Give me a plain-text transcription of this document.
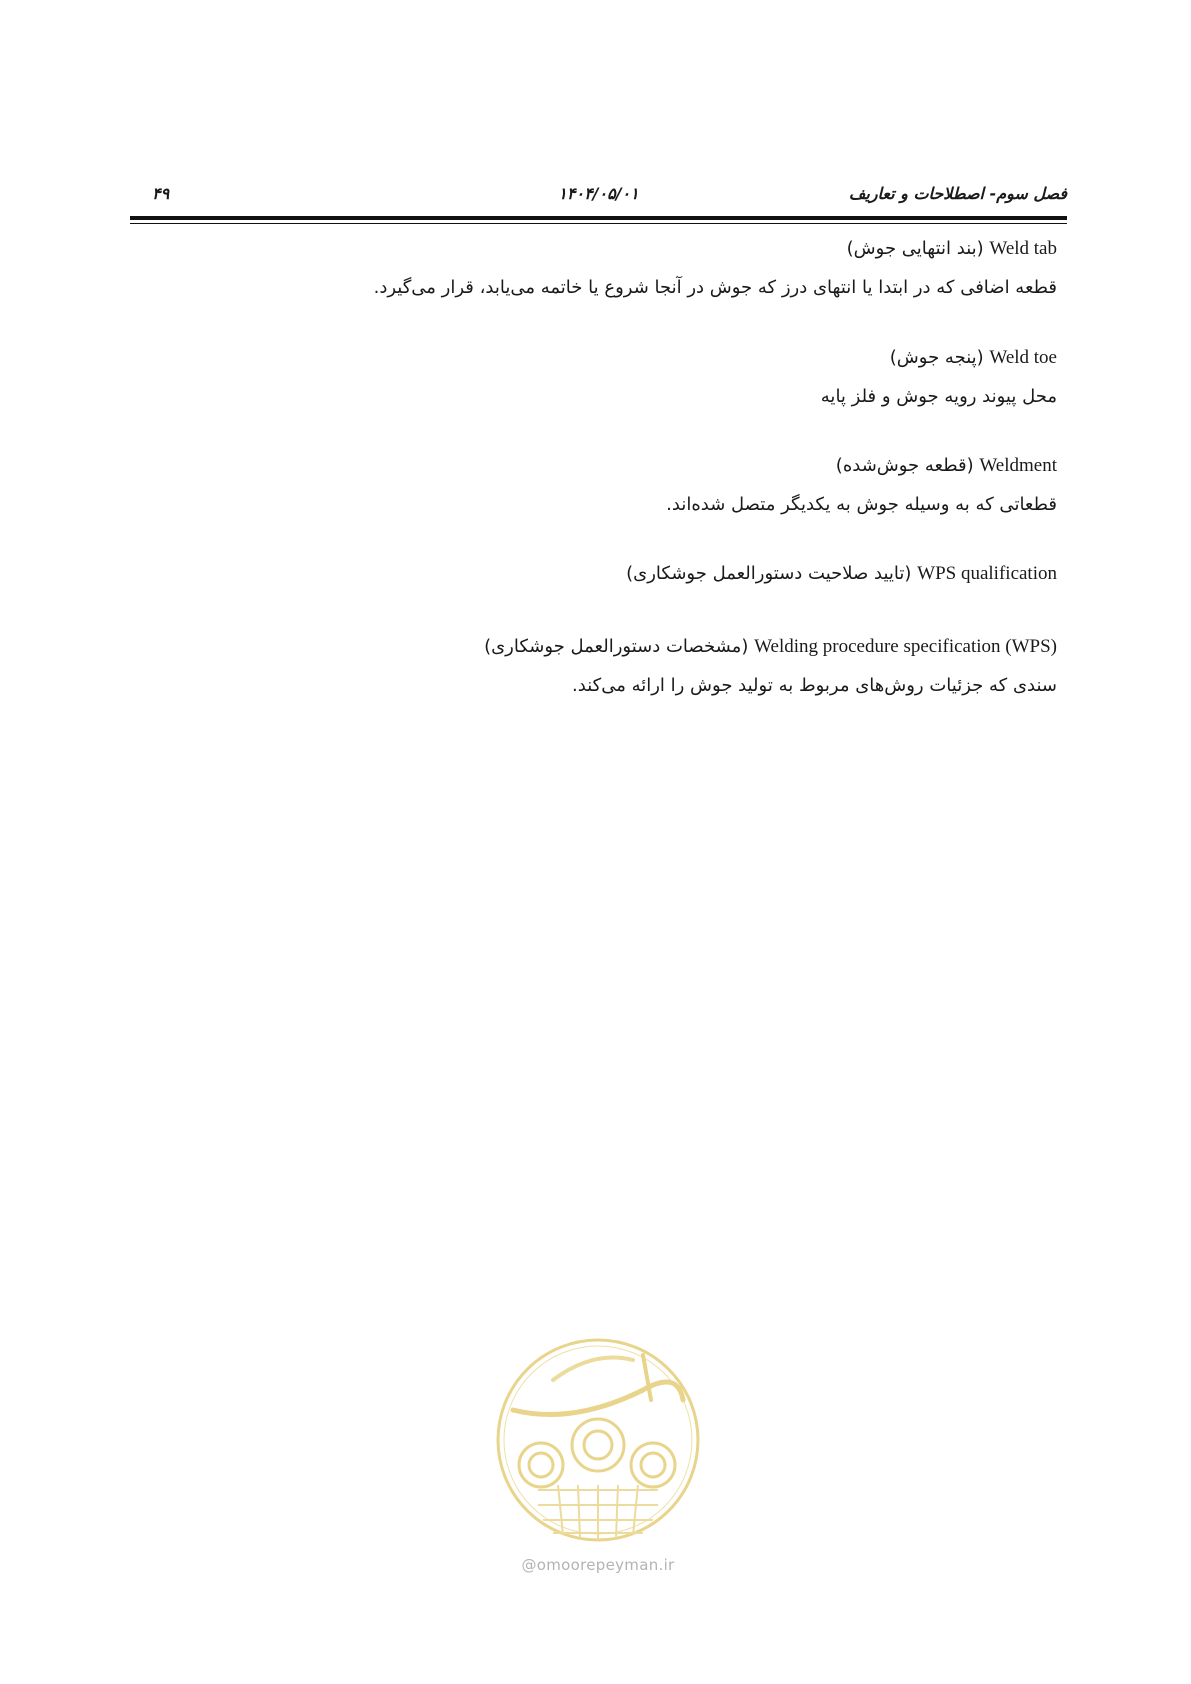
فصل سوم- اصطلاحات و تعاریف
۱۴۰۴/۰۵/۰۱
۴۹
Weld tab (بند انتهایی جوش)
قطعه اضافی که در ابتدا یا انتهای درز که جوش در آنجا شروع یا خاتمه می‌یابد، قرار می‌گیرد.
Weld toe (پنجه جوش)
محل پیوند رویه جوش و فلز پایه
Weldment (قطعه جوش‌شده)
قطعاتی که به وسیله جوش به یکدیگر متصل شده‌اند.
WPS qualification (تایید صلاحیت دستورالعمل جوشکاری)
Welding procedure specification (WPS) (مشخصات دستورالعمل جوشکاری)
سندی که جزئیات روش‌های مربوط به تولید جوش را ارائه می‌کند.
@omoorepeyman.ir
